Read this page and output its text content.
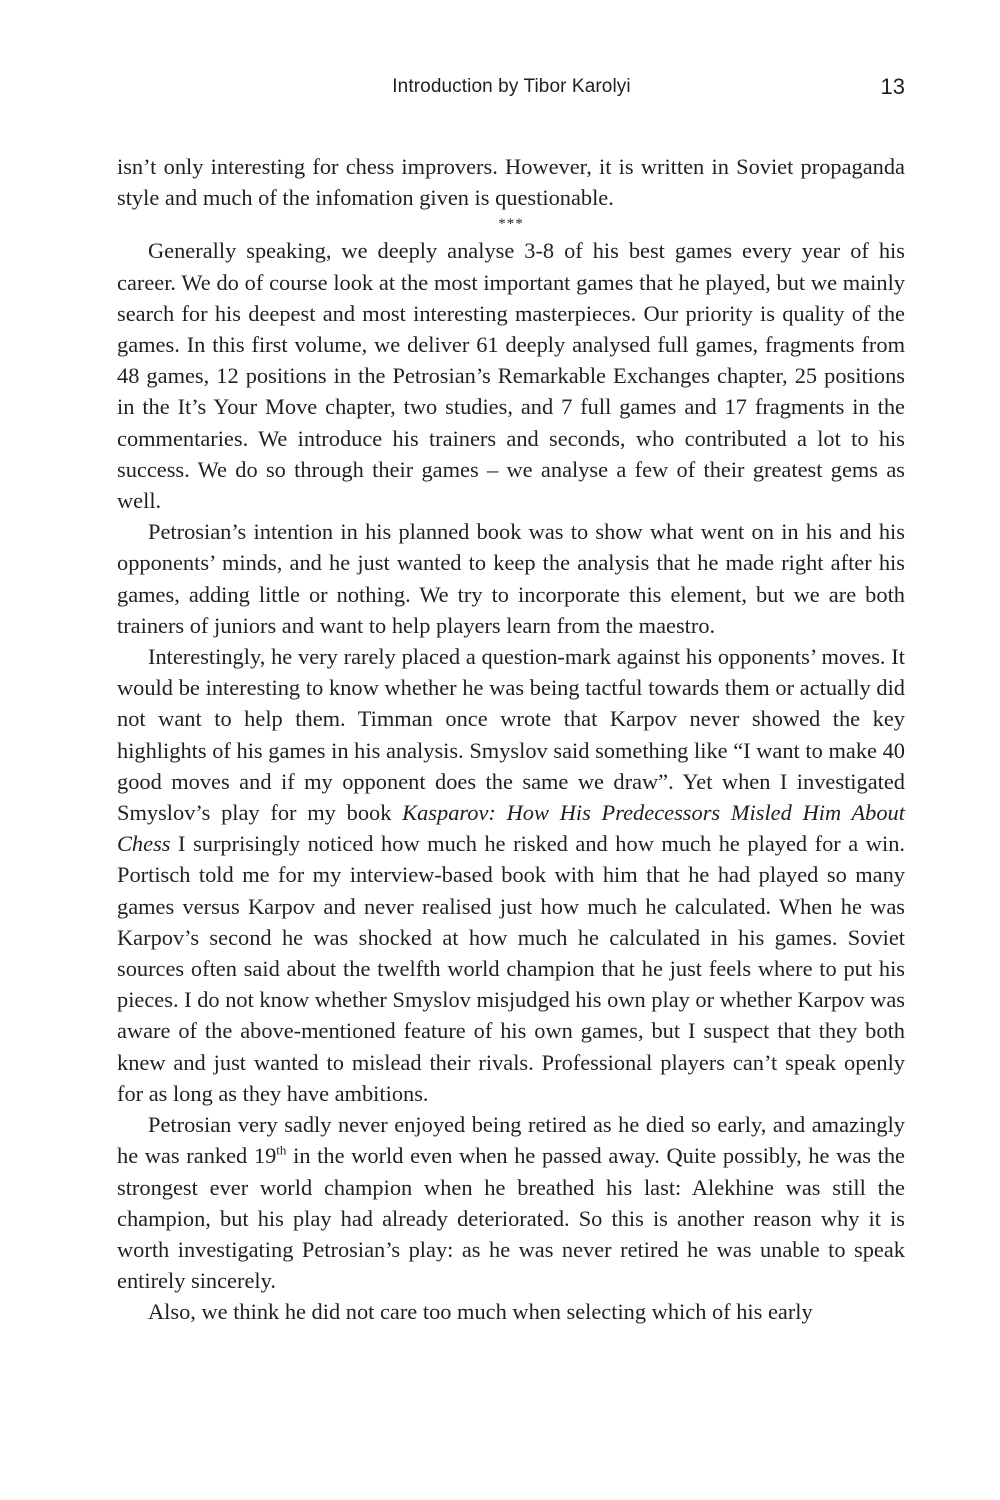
Introduction by Tibor Karolyi	13

isn’t only interesting for chess improvers. However, it is written in Soviet propaganda style and much of the infomation given is questionable.

***

Generally speaking, we deeply analyse 3-8 of his best games every year of his career. We do of course look at the most important games that he played, but we mainly search for his deepest and most interesting masterpieces. Our priority is quality of the games. In this first volume, we deliver 61 deeply analysed full games, fragments from 48 games, 12 positions in the Petrosian’s Remarkable Exchanges chapter, 25 positions in the It’s Your Move chapter, two studies, and 7 full games and 17 fragments in the commentaries. We introduce his trainers and seconds, who contributed a lot to his success. We do so through their games – we analyse a few of their greatest gems as well.

Petrosian’s intention in his planned book was to show what went on in his and his opponents’ minds, and he just wanted to keep the analysis that he made right after his games, adding little or nothing. We try to incorporate this element, but we are both trainers of juniors and want to help players learn from the maestro.

Interestingly, he very rarely placed a question-mark against his opponents’ moves. It would be interesting to know whether he was being tactful towards them or actually did not want to help them. Timman once wrote that Karpov never showed the key highlights of his games in his analysis. Smyslov said something like “I want to make 40 good moves and if my opponent does the same we draw”. Yet when I investigated Smyslov’s play for my book Kasparov: How His Predecessors Misled Him About Chess I surprisingly noticed how much he risked and how much he played for a win. Portisch told me for my interview-based book with him that he had played so many games versus Karpov and never realised just how much he calculated. When he was Karpov’s second he was shocked at how much he calculated in his games. Soviet sources often said about the twelfth world champion that he just feels where to put his pieces. I do not know whether Smyslov misjudged his own play or whether Karpov was aware of the above-mentioned feature of his own games, but I suspect that they both knew and just wanted to mislead their rivals. Professional players can’t speak openly for as long as they have ambitions.

Petrosian very sadly never enjoyed being retired as he died so early, and amazingly he was ranked 19th in the world even when he passed away. Quite possibly, he was the strongest ever world champion when he breathed his last: Alekhine was still the champion, but his play had already deteriorated. So this is another reason why it is worth investigating Petrosian’s play: as he was never retired he was unable to speak entirely sincerely.

Also, we think he did not care too much when selecting which of his early
